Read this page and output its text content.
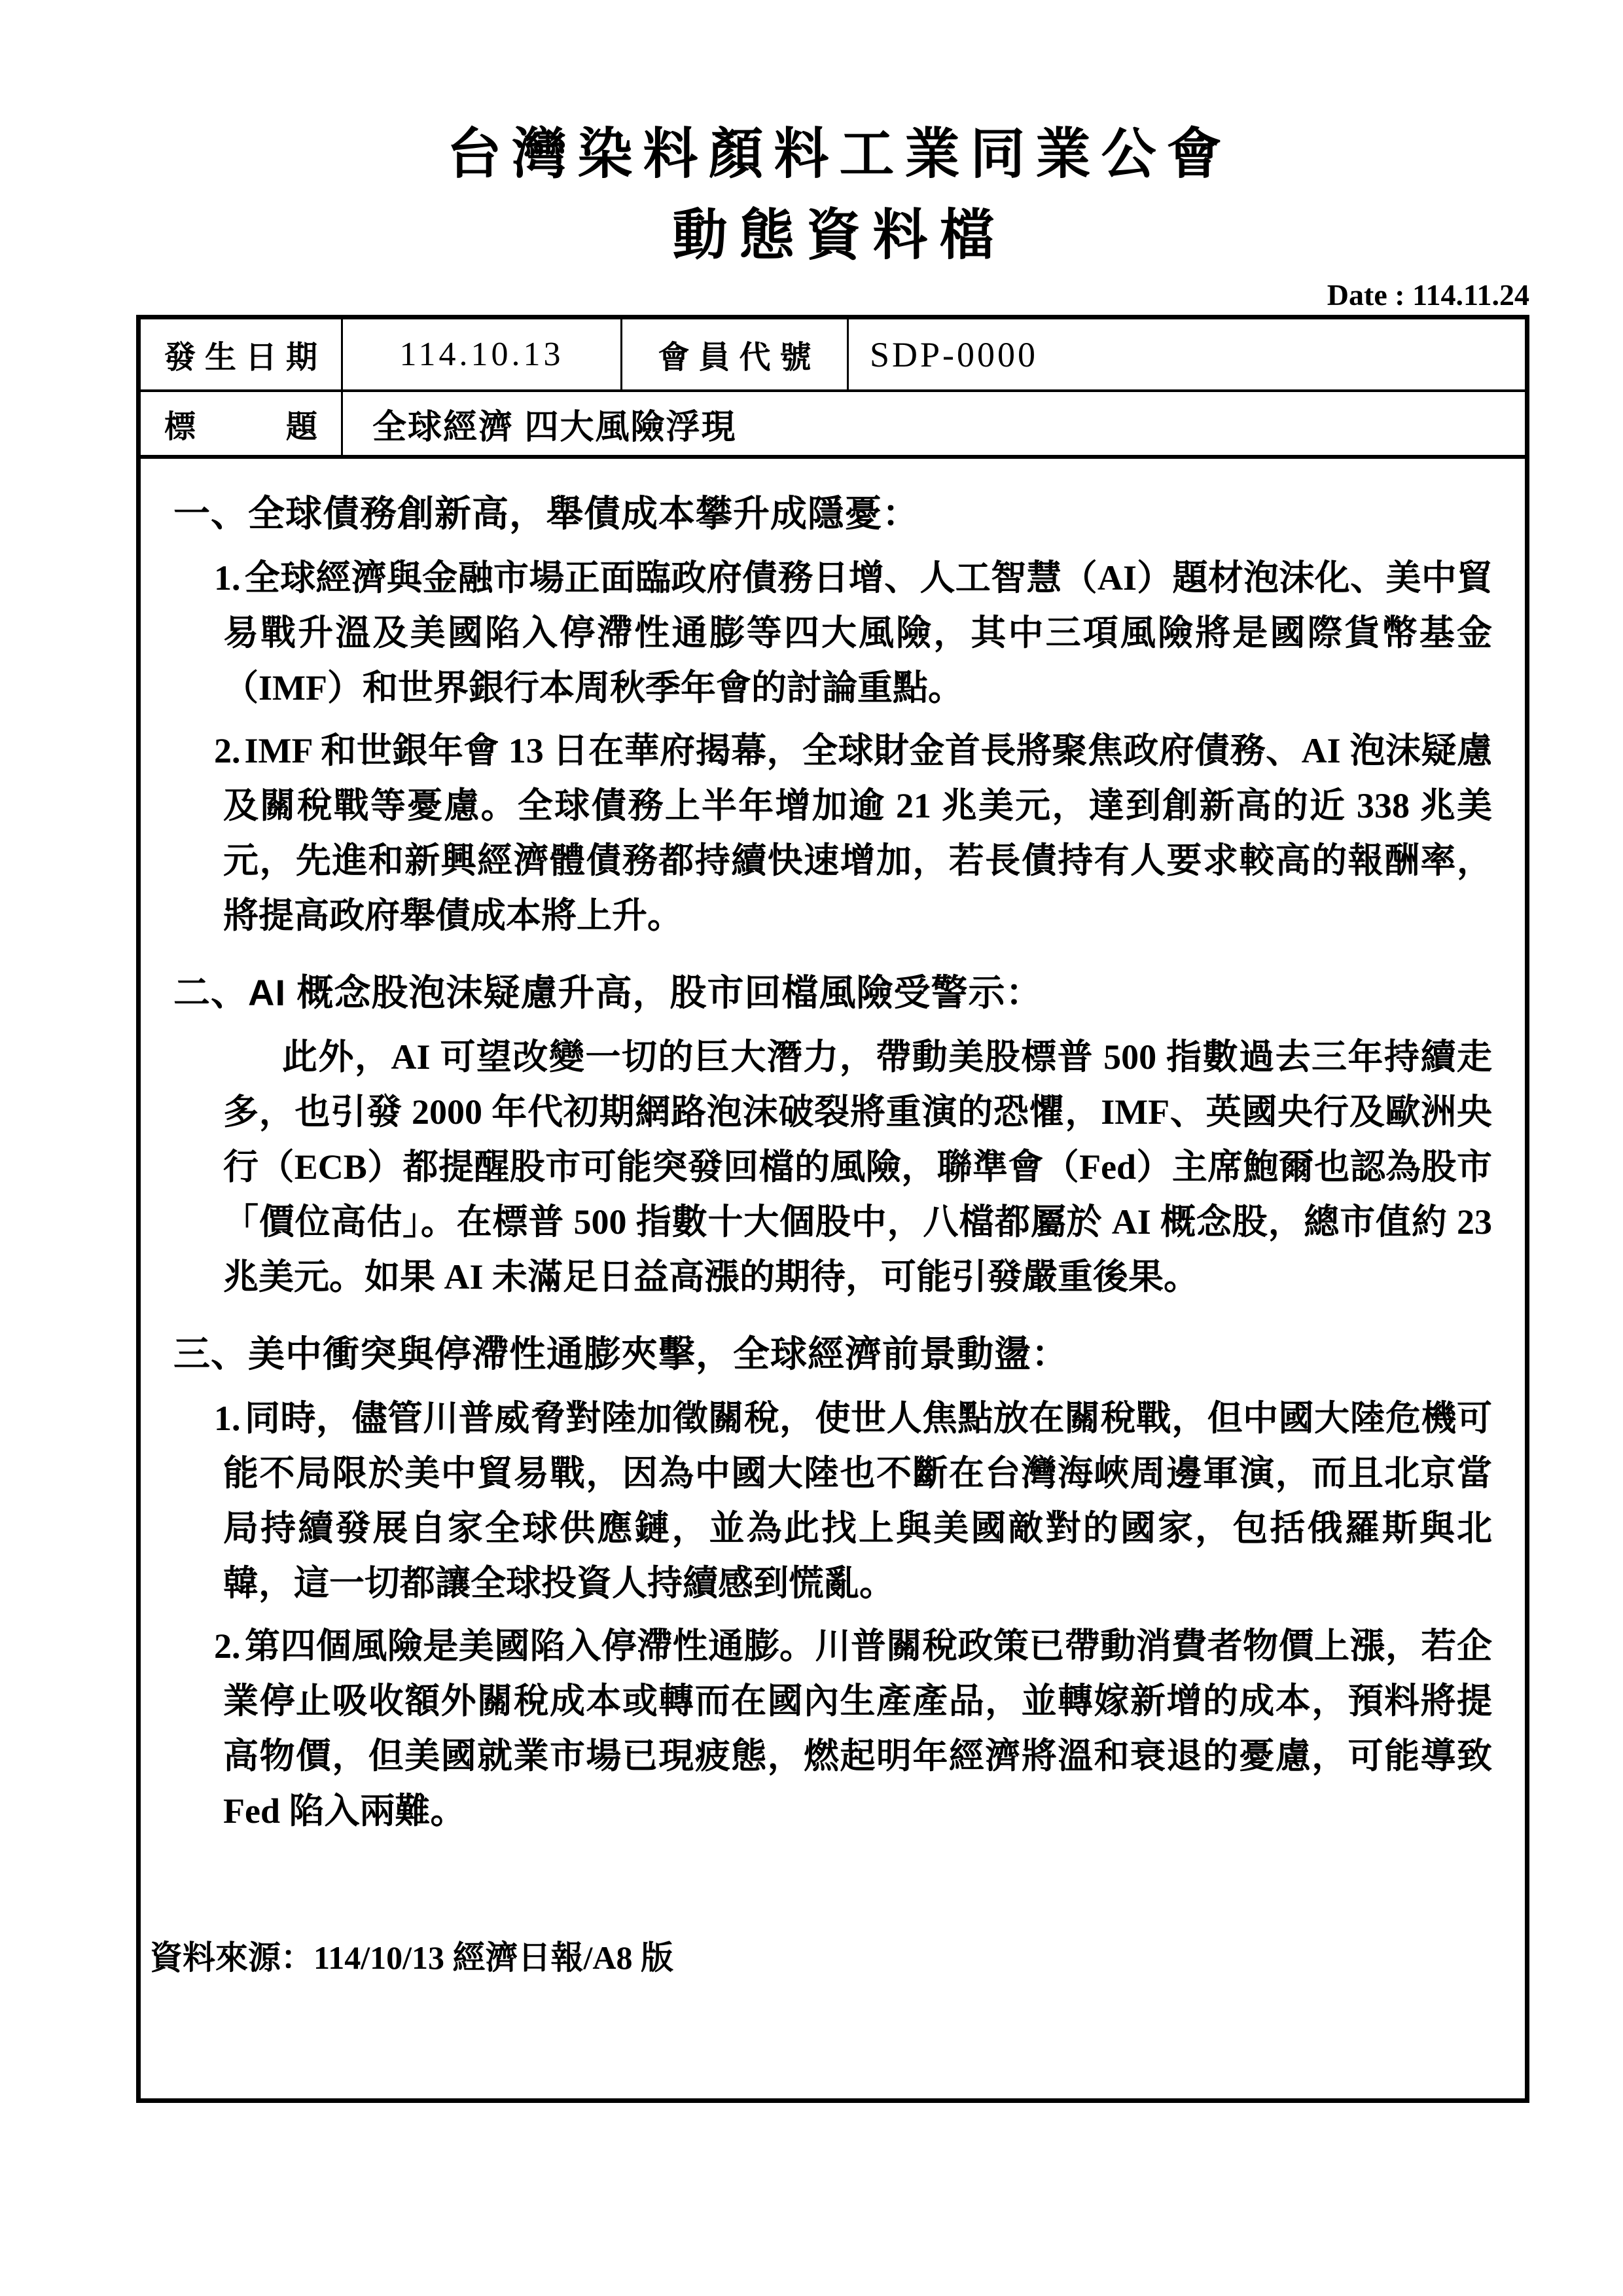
台灣染料顏料工業同業公會
動態資料檔
Date : 114.11.24
發生日期	114.10.13	會員代號	SDP-0000
標　　題	全球經濟 四大風險浮現
一、全球債務創新高，舉債成本攀升成隱憂：

1. 全球經濟與金融市場正面臨政府債務日增、人工智慧（AI）題材泡沫化、美中貿易戰升溫及美國陷入停滯性通膨等四大風險，其中三項風險將是國際貨幣基金（IMF）和世界銀行本周秋季年會的討論重點。

2. IMF 和世銀年會 13 日在華府揭幕，全球財金首長將聚焦政府債務、AI 泡沫疑慮及關稅戰等憂慮。全球債務上半年增加逾 21 兆美元，達到創新高的近 338 兆美元，先進和新興經濟體債務都持續快速增加，若長債持有人要求較高的報酬率，將提高政府舉債成本將上升。

二、AI 概念股泡沫疑慮升高，股市回檔風險受警示：

此外，AI 可望改變一切的巨大潛力，帶動美股標普 500 指數過去三年持續走多，也引發 2000 年代初期網路泡沫破裂將重演的恐懼，IMF、英國央行及歐洲央行（ECB）都提醒股市可能突發回檔的風險，聯準會（Fed）主席鮑爾也認為股市「價位高估」。在標普 500 指數十大個股中，八檔都屬於 AI 概念股，總市值約 23 兆美元。如果 AI 未滿足日益高漲的期待，可能引發嚴重後果。

三、美中衝突與停滯性通膨夾擊，全球經濟前景動盪：

1. 同時，儘管川普威脅對陸加徵關稅，使世人焦點放在關稅戰，但中國大陸危機可能不局限於美中貿易戰，因為中國大陸也不斷在台灣海峽周邊軍演，而且北京當局持續發展自家全球供應鏈，並為此找上與美國敵對的國家，包括俄羅斯與北韓，這一切都讓全球投資人持續感到慌亂。

2. 第四個風險是美國陷入停滯性通膨。川普關稅政策已帶動消費者物價上漲，若企業停止吸收額外關稅成本或轉而在國內生產產品，並轉嫁新增的成本，預料將提高物價，但美國就業市場已現疲態，燃起明年經濟將溫和衰退的憂慮，可能導致 Fed 陷入兩難。

資料來源：114/10/13 經濟日報/A8 版
